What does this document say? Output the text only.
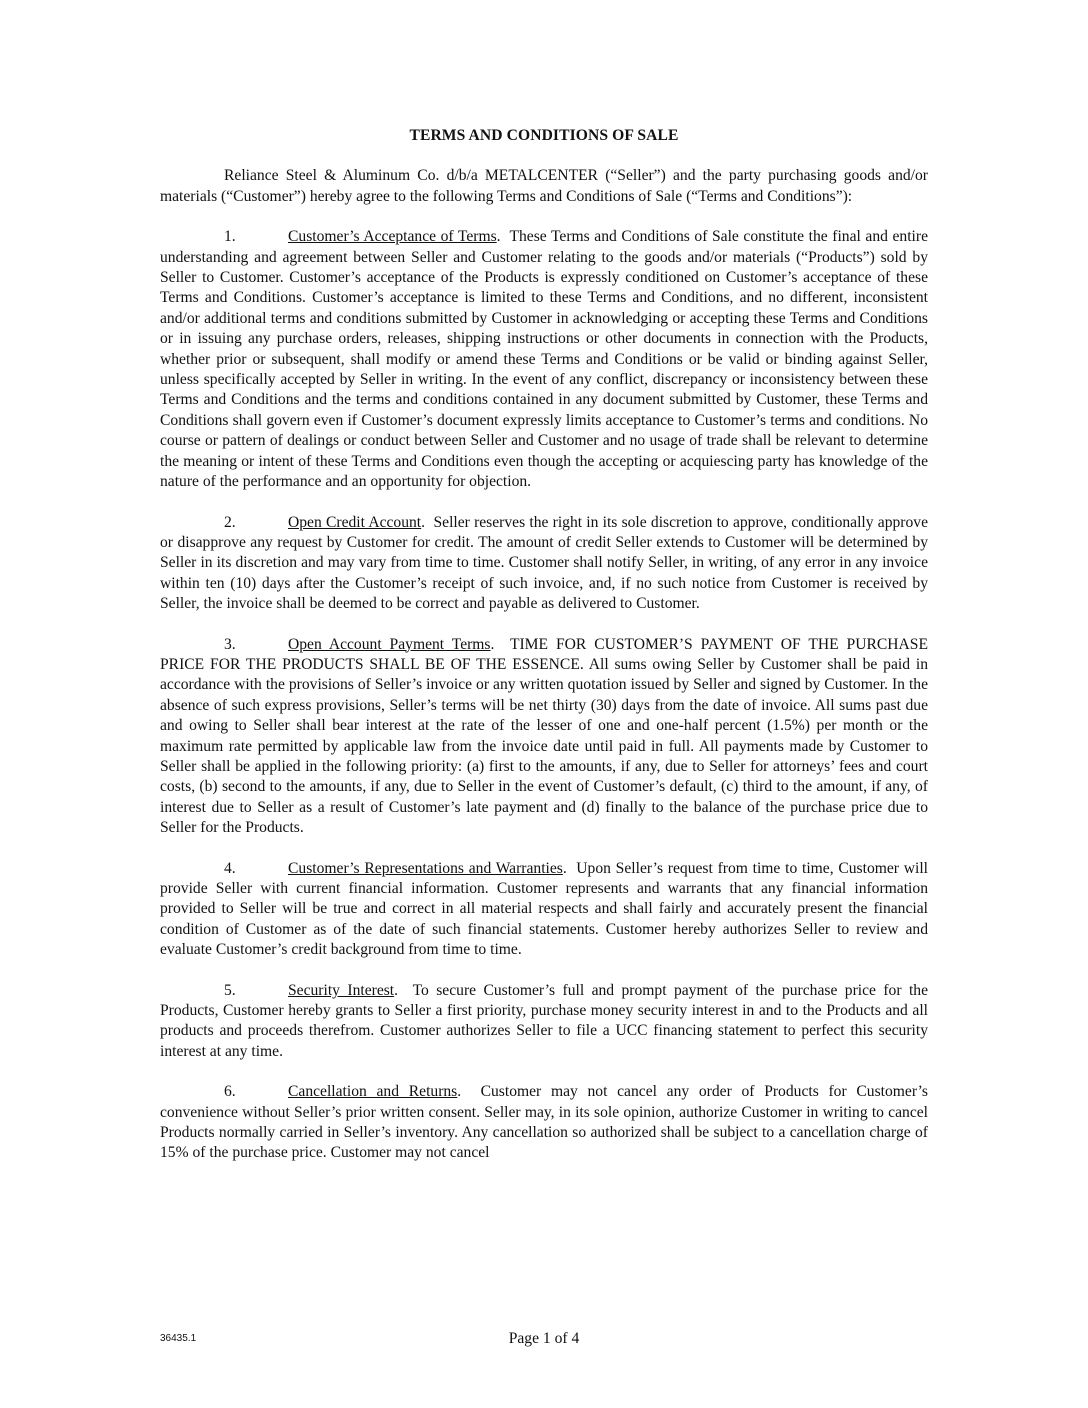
TERMS AND CONDITIONS OF SALE

Reliance Steel & Aluminum Co. d/b/a METALCENTER (“Seller”) and the party purchasing goods and/or materials (“Customer”) hereby agree to the following Terms and Conditions of Sale (“Terms and Conditions”):

1.	Customer’s Acceptance of Terms.  These Terms and Conditions of Sale constitute the final and entire understanding and agreement between Seller and Customer relating to the goods and/or materials (“Products”) sold by Seller to Customer. Customer’s acceptance of the Products is expressly conditioned on Customer’s acceptance of these Terms and Conditions. Customer’s acceptance is limited to these Terms and Conditions, and no different, inconsistent and/or additional terms and conditions submitted by Customer in acknowledging or accepting these Terms and Conditions or in issuing any purchase orders, releases, shipping instructions or other documents in connection with the Products, whether prior or subsequent, shall modify or amend these Terms and Conditions or be valid or binding against Seller, unless specifically accepted by Seller in writing. In the event of any conflict, discrepancy or inconsistency between these Terms and Conditions and the terms and conditions contained in any document submitted by Customer, these Terms and Conditions shall govern even if Customer’s document expressly limits acceptance to Customer’s terms and conditions. No course or pattern of dealings or conduct between Seller and Customer and no usage of trade shall be relevant to determine the meaning or intent of these Terms and Conditions even though the accepting or acquiescing party has knowledge of the nature of the performance and an opportunity for objection.

2.	Open Credit Account.  Seller reserves the right in its sole discretion to approve, conditionally approve or disapprove any request by Customer for credit. The amount of credit Seller extends to Customer will be determined by Seller in its discretion and may vary from time to time. Customer shall notify Seller, in writing, of any error in any invoice within ten (10) days after the Customer’s receipt of such invoice, and, if no such notice from Customer is received by Seller, the invoice shall be deemed to be correct and payable as delivered to Customer.

3.	Open Account Payment Terms.  TIME FOR CUSTOMER’S PAYMENT OF THE PURCHASE PRICE FOR THE PRODUCTS SHALL BE OF THE ESSENCE. All sums owing Seller by Customer shall be paid in accordance with the provisions of Seller’s invoice or any written quotation issued by Seller and signed by Customer. In the absence of such express provisions, Seller’s terms will be net thirty (30) days from the date of invoice. All sums past due and owing to Seller shall bear interest at the rate of the lesser of one and one-half percent (1.5%) per month or the maximum rate permitted by applicable law from the invoice date until paid in full. All payments made by Customer to Seller shall be applied in the following priority: (a) first to the amounts, if any, due to Seller for attorneys’ fees and court costs, (b) second to the amounts, if any, due to Seller in the event of Customer’s default, (c) third to the amount, if any, of interest due to Seller as a result of Customer’s late payment and (d) finally to the balance of the purchase price due to Seller for the Products.

4.	Customer’s Representations and Warranties.  Upon Seller’s request from time to time, Customer will provide Seller with current financial information. Customer represents and warrants that any financial information provided to Seller will be true and correct in all material respects and shall fairly and accurately present the financial condition of Customer as of the date of such financial statements. Customer hereby authorizes Seller to review and evaluate Customer’s credit background from time to time.

5.	Security Interest.  To secure Customer’s full and prompt payment of the purchase price for the Products, Customer hereby grants to Seller a first priority, purchase money security interest in and to the Products and all products and proceeds therefrom. Customer authorizes Seller to file a UCC financing statement to perfect this security interest at any time.

6.	Cancellation and Returns.  Customer may not cancel any order of Products for Customer’s convenience without Seller’s prior written consent. Seller may, in its sole opinion, authorize Customer in writing to cancel Products normally carried in Seller’s inventory. Any cancellation so authorized shall be subject to a cancellation charge of 15% of the purchase price. Customer may not cancel

36435.1	Page 1 of 4
